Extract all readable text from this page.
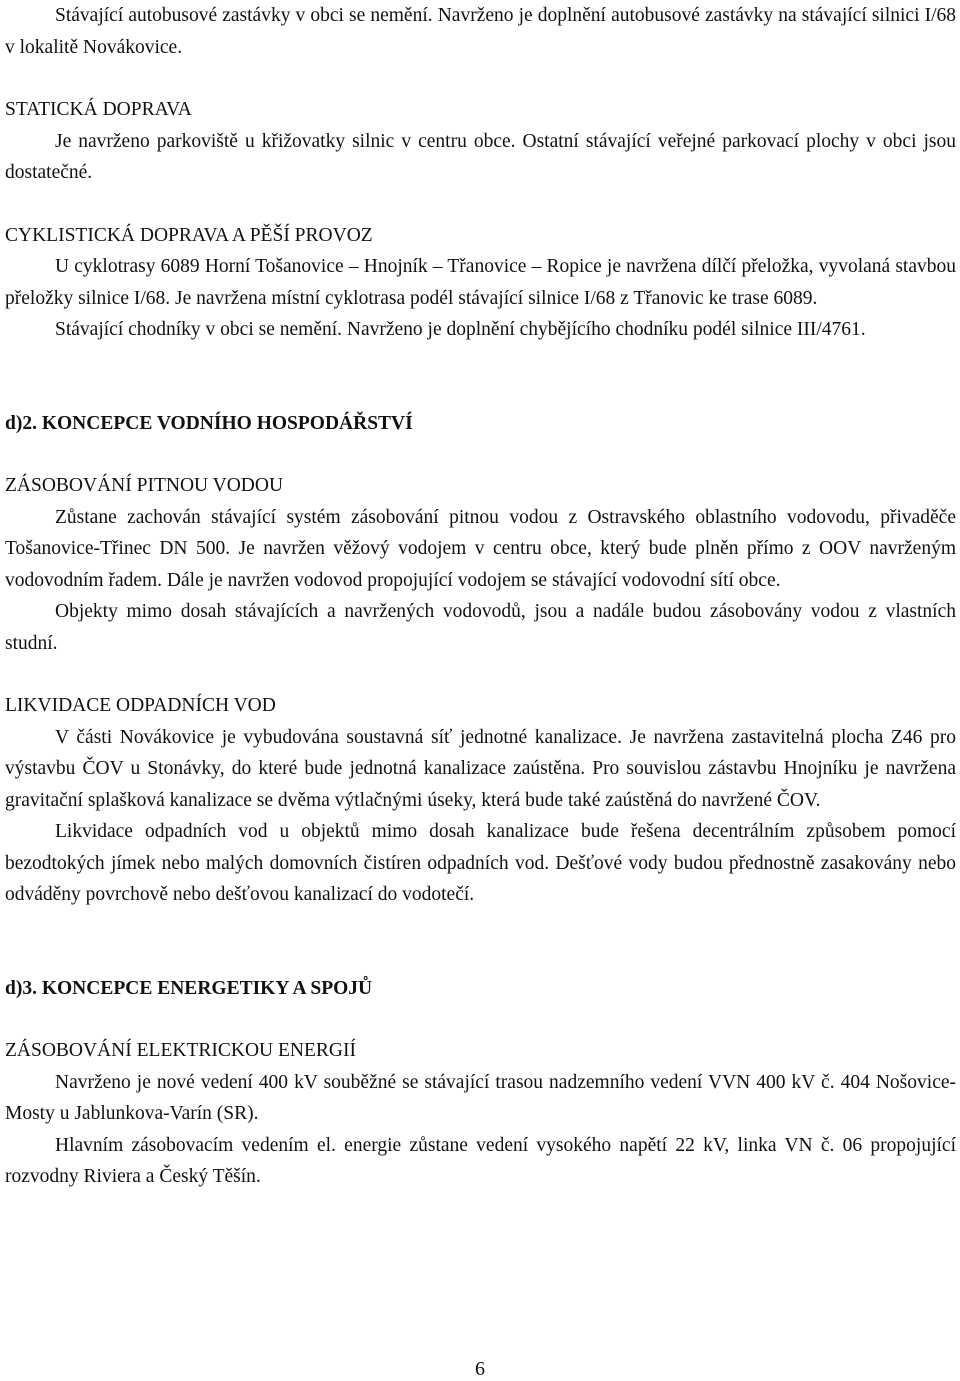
Stávající autobusové zastávky v obci se nemění. Navrženo je doplnění autobusové zastávky na stávající silnici I/68 v lokalitě Novákovice.

STATICKÁ DOPRAVA

Je navrženo parkoviště u křižovatky silnic v centru obce. Ostatní stávající veřejné parkovací plochy v obci jsou dostatečné.

CYKLISTICKÁ DOPRAVA A PĚŠÍ PROVOZ

U cyklotrasy 6089 Horní Tošanovice – Hnojník – Třanovice – Ropice je navržena dílčí přeložka, vyvolaná stavbou přeložky silnice I/68. Je navržena místní cyklotrasa podél stávající silnice I/68 z Třanovic ke trase 6089.

Stávající chodníky v obci se nemění. Navrženo je doplnění chybějícího chodníku podél silnice III/4761.

d)2. KONCEPCE VODNÍHO HOSPODÁŘSTVÍ

ZÁSOBOVÁNÍ PITNOU VODOU

Zůstane zachován stávající systém zásobování pitnou vodou z Ostravského oblastního vodovodu, přivaděče Tošanovice-Třinec DN 500. Je navržen věžový vodojem v centru obce, který bude plněn přímo z OOV navrženým vodovodním řadem. Dále je navržen vodovod propojující vodojem se stávající vodovodní sítí obce.

Objekty mimo dosah stávajících a navržených vodovodů, jsou a nadále budou zásobovány vodou z vlastních studní.

LIKVIDACE ODPADNÍCH VOD

V části Novákovice je vybudována soustavná síť jednotné kanalizace. Je navržena zastavitelná plocha Z46 pro výstavbu ČOV u Stonávky, do které bude jednotná kanalizace zaústěna. Pro souvislou zástavbu Hnojníku je navržena gravitační splašková kanalizace se dvěma výtlačnými úseky, která bude také zaústěná do navržené ČOV.

Likvidace odpadních vod u objektů mimo dosah kanalizace bude řešena decentrálním způsobem pomocí bezodtokých jímek nebo malých domovních čistíren odpadních vod. Dešťové vody budou přednostně zasakovány nebo odváděny povrchově nebo dešťovou kanalizací do vodotečí.

d)3. KONCEPCE ENERGETIKY A SPOJŮ

ZÁSOBOVÁNÍ ELEKTRICKOU ENERGIÍ

Navrženo je nové vedení 400 kV souběžné se stávající trasou nadzemního vedení VVN 400 kV č. 404 Nošovice-Mosty u Jablunkova-Varín (SR).

Hlavním zásobovacím vedením el. energie zůstane vedení vysokého napětí 22 kV, linka VN č. 06 propojující rozvodny Riviera a Český Těšín.

6
